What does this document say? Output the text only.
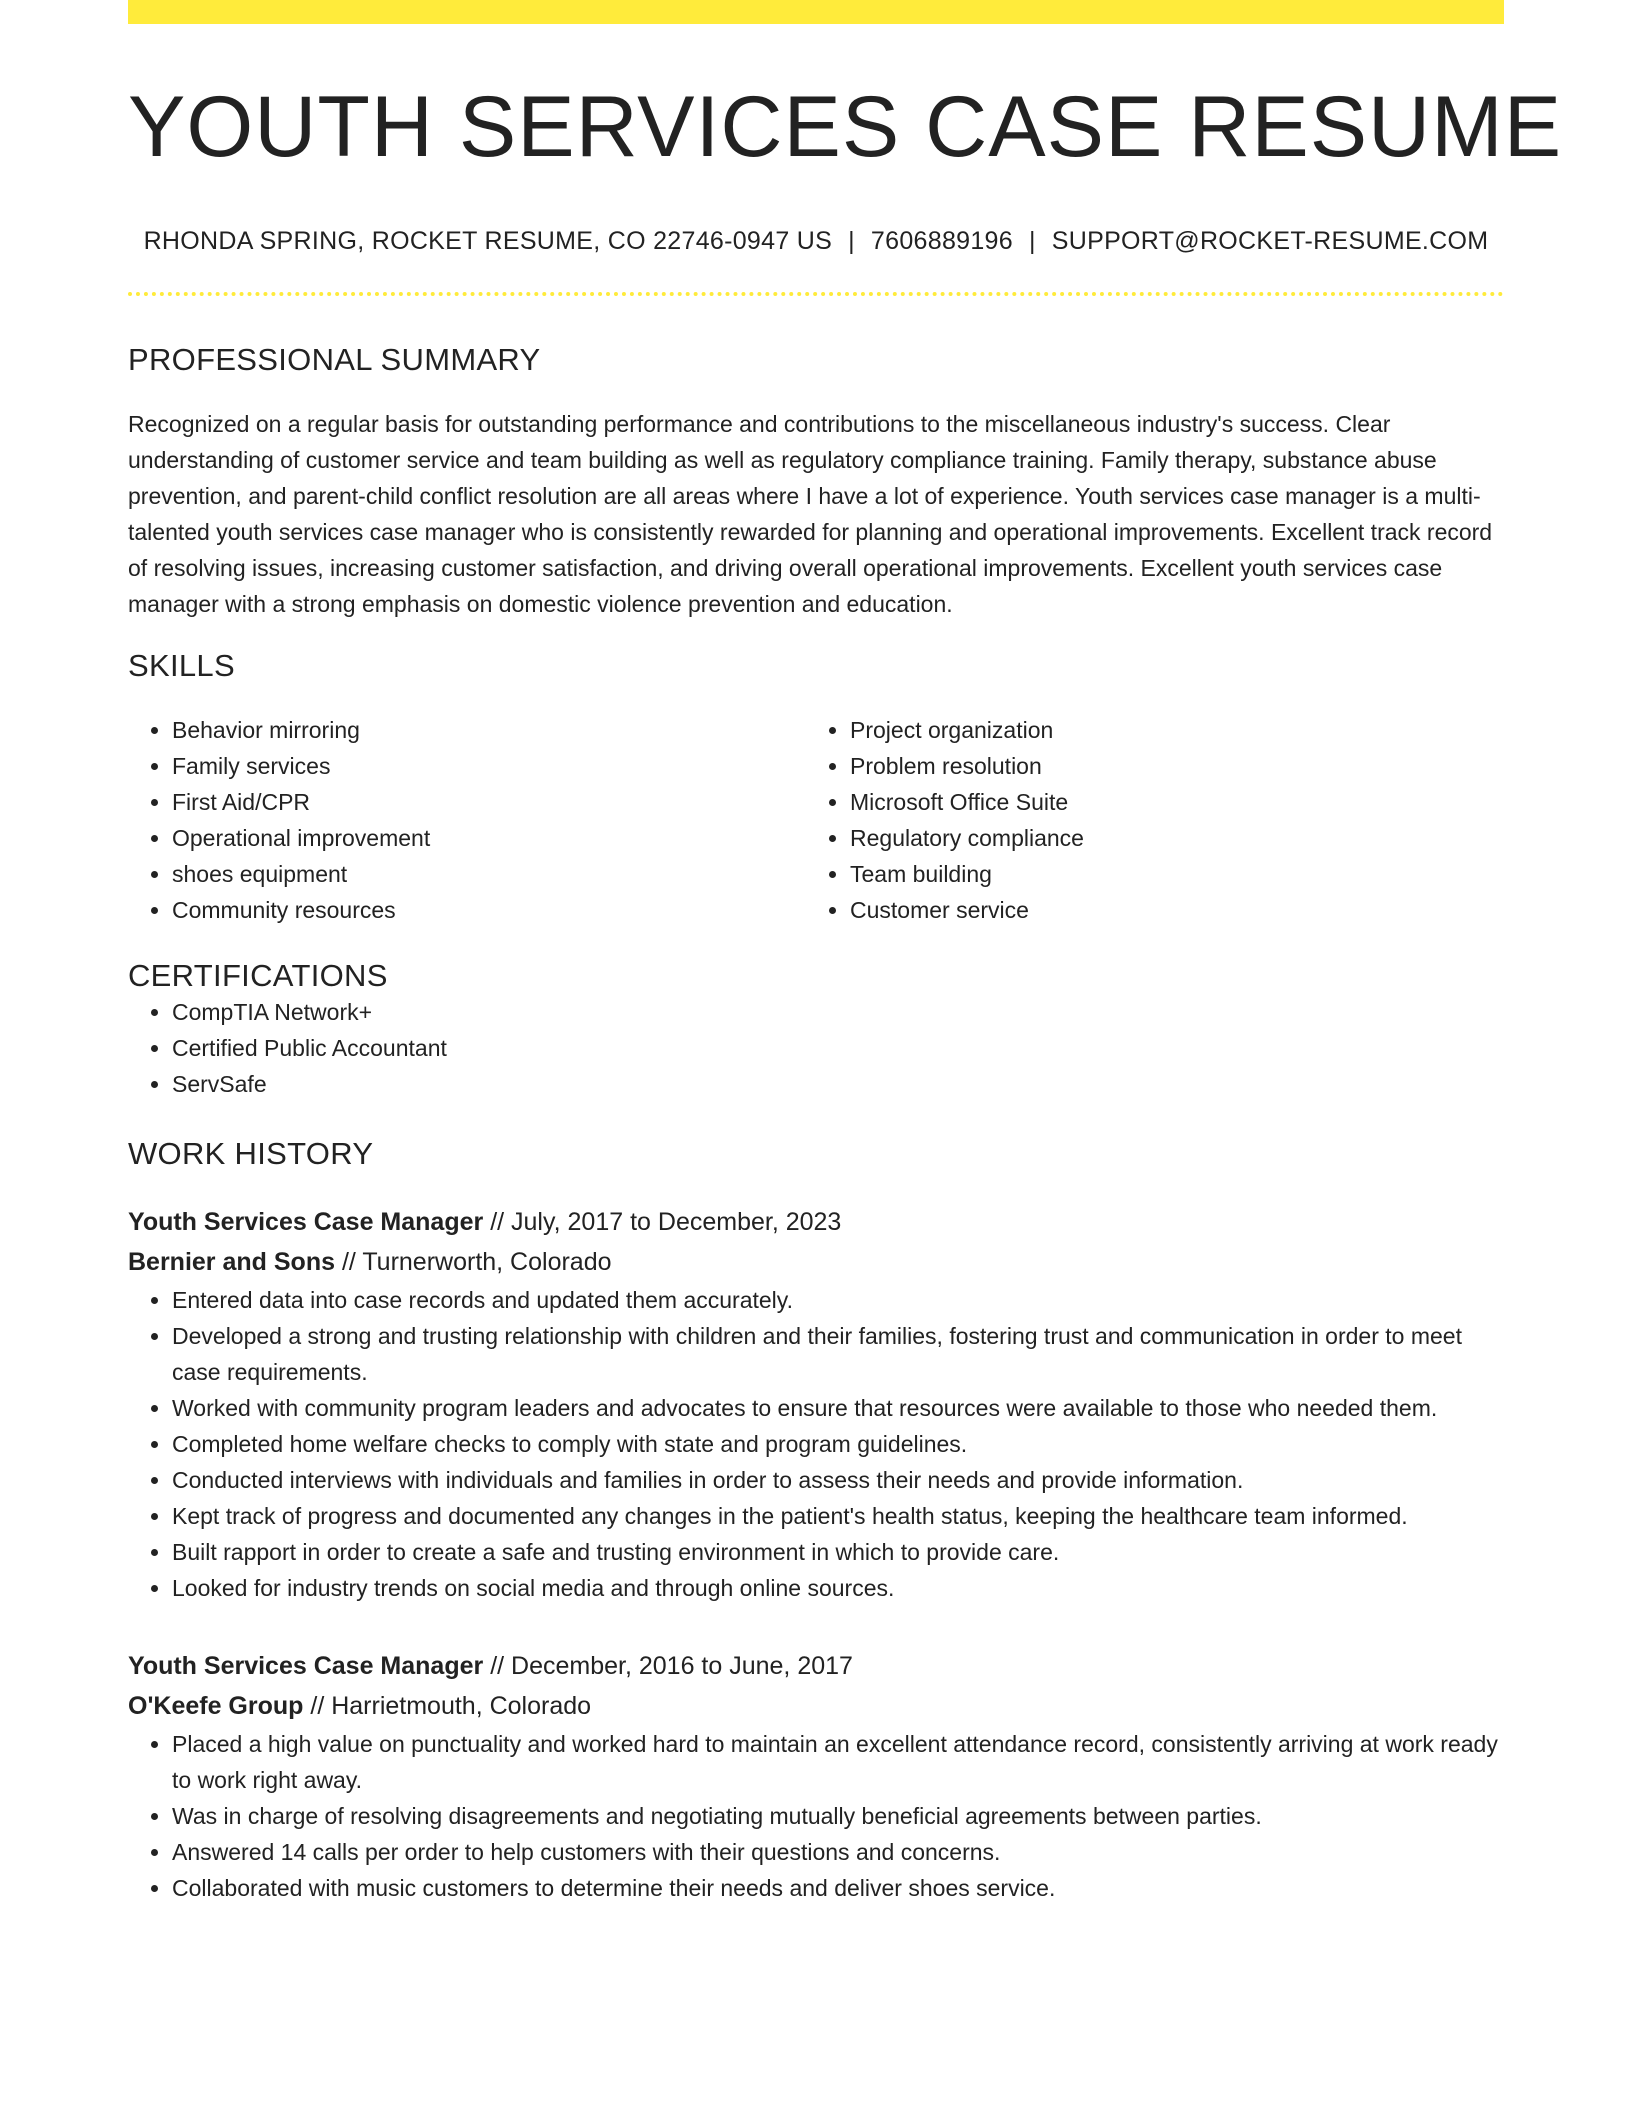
YOUTH SERVICES CASE RESUME
RHONDA SPRING, ROCKET RESUME, CO 22746-0947 US | 7606889196 | SUPPORT@ROCKET-RESUME.COM
PROFESSIONAL SUMMARY

Recognized on a regular basis for outstanding performance and contributions to the miscellaneous industry's success. Clear understanding of customer service and team building as well as regulatory compliance training. Family therapy, substance abuse prevention, and parent-child conflict resolution are all areas where I have a lot of experience. Youth services case manager is a multi-talented youth services case manager who is consistently rewarded for planning and operational improvements. Excellent track record of resolving issues, increasing customer satisfaction, and driving overall operational improvements. Excellent youth services case manager with a strong emphasis on domestic violence prevention and education.

SKILLS
• Behavior mirroring
• Family services
• First Aid/CPR
• Operational improvement
• shoes equipment
• Community resources
• Project organization
• Problem resolution
• Microsoft Office Suite
• Regulatory compliance
• Team building
• Customer service
CERTIFICATIONS
• CompTIA Network+
• Certified Public Accountant
• ServSafe
WORK HISTORY
Youth Services Case Manager // July, 2017 to December, 2023
Bernier and Sons // Turnerworth, Colorado
• Entered data into case records and updated them accurately.
• Developed a strong and trusting relationship with children and their families, fostering trust and communication in order to meet case requirements.
• Worked with community program leaders and advocates to ensure that resources were available to those who needed them.
• Completed home welfare checks to comply with state and program guidelines.
• Conducted interviews with individuals and families in order to assess their needs and provide information.
• Kept track of progress and documented any changes in the patient's health status, keeping the healthcare team informed.
• Built rapport in order to create a safe and trusting environment in which to provide care.
• Looked for industry trends on social media and through online sources.
Youth Services Case Manager // December, 2016 to June, 2017
O'Keefe Group // Harrietmouth, Colorado
• Placed a high value on punctuality and worked hard to maintain an excellent attendance record, consistently arriving at work ready to work right away.
• Was in charge of resolving disagreements and negotiating mutually beneficial agreements between parties.
• Answered 14 calls per order to help customers with their questions and concerns.
• Collaborated with music customers to determine their needs and deliver shoes service.
